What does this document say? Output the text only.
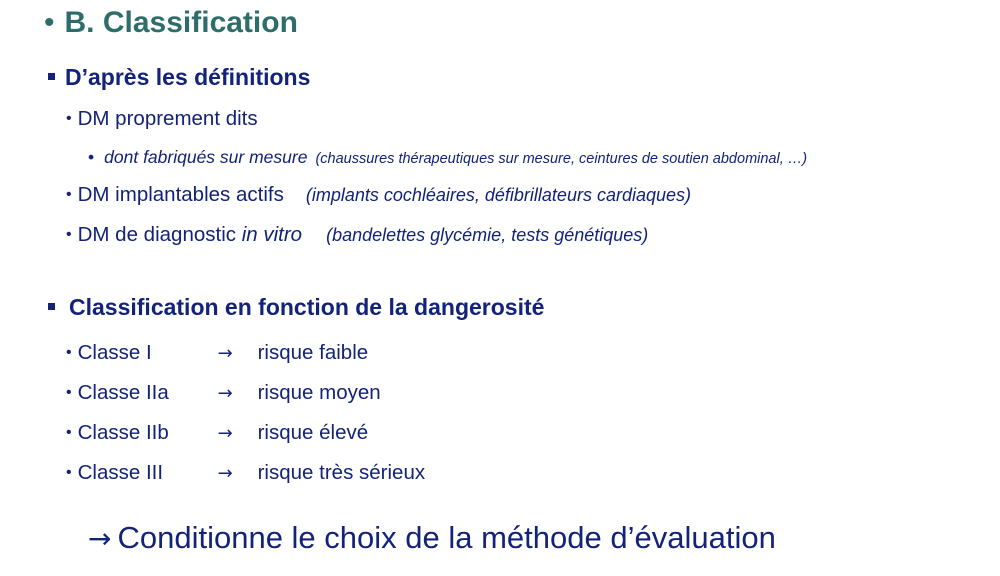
• B. Classification
D’après les définitions
• DM proprement dits
• dont fabriqués sur mesure (chaussures thérapeutiques sur mesure, ceintures de soutien abdominal, …)
• DM implantables actifs (implants cochléaires, défibrillateurs cardiaques)
• DM de diagnostic in vitro (bandelettes glycémie, tests génétiques)
Classification en fonction de la dangerosité
• Classe I	→	risque faible
• Classe IIa	→	risque moyen
• Classe IIb	→	risque élevé
• Classe III	→	risque très sérieux
→ Conditionne le choix de la méthode d’évaluation
